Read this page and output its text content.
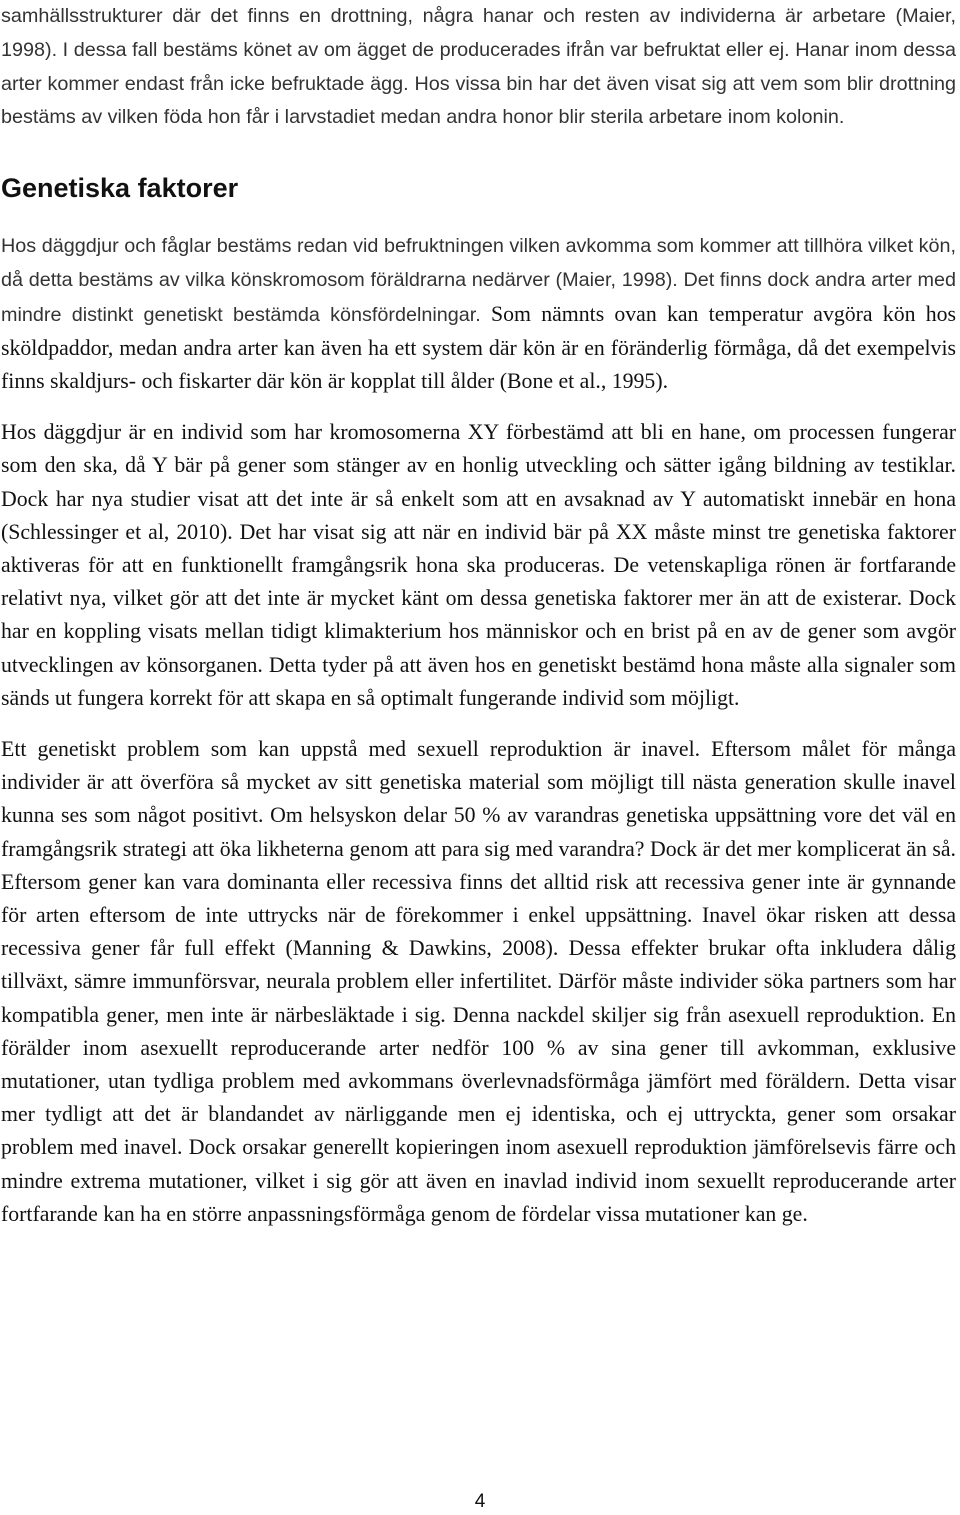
samhällsstrukturer där det finns en drottning, några hanar och resten av individerna är arbetare (Maier, 1998). I dessa fall bestäms könet av om ägget de producerades ifrån var befruktat eller ej. Hanar inom dessa arter kommer endast från icke befruktade ägg. Hos vissa bin har det även visat sig att vem som blir drottning bestäms av vilken föda hon får i larvstadiet medan andra honor blir sterila arbetare inom kolonin.

Genetiska faktorer

Hos däggdjur och fåglar bestäms redan vid befruktningen vilken avkomma som kommer att tillhöra vilket kön, då detta bestäms av vilka könskromosom föräldrarna nedärver (Maier, 1998). Det finns dock andra arter med mindre distinkt genetiskt bestämda könsfördelningar. Som nämnts ovan kan temperatur avgöra kön hos sköldpaddor, medan andra arter kan även ha ett system där kön är en föränderlig förmåga, då det exempelvis finns skaldjurs- och fiskarter där kön är kopplat till ålder (Bone et al., 1995).

Hos däggdjur är en individ som har kromosomerna XY förbestämd att bli en hane, om processen fungerar som den ska, då Y bär på gener som stänger av en honlig utveckling och sätter igång bildning av testiklar. Dock har nya studier visat att det inte är så enkelt som att en avsaknad av Y automatiskt innebär en hona (Schlessinger et al, 2010). Det har visat sig att när en individ bär på XX måste minst tre genetiska faktorer aktiveras för att en funktionellt framgångsrik hona ska produceras. De vetenskapliga rönen är fortfarande relativt nya, vilket gör att det inte är mycket känt om dessa genetiska faktorer mer än att de existerar. Dock har en koppling visats mellan tidigt klimakterium hos människor och en brist på en av de gener som avgör utvecklingen av könsorganen. Detta tyder på att även hos en genetiskt bestämd hona måste alla signaler som sänds ut fungera korrekt för att skapa en så optimalt fungerande individ som möjligt.

Ett genetiskt problem som kan uppstå med sexuell reproduktion är inavel. Eftersom målet för många individer är att överföra så mycket av sitt genetiska material som möjligt till nästa generation skulle inavel kunna ses som något positivt. Om helsyskon delar 50 % av varandras genetiska uppsättning vore det väl en framgångsrik strategi att öka likheterna genom att para sig med varandra? Dock är det mer komplicerat än så. Eftersom gener kan vara dominanta eller recessiva finns det alltid risk att recessiva gener inte är gynnande för arten eftersom de inte uttrycks när de förekommer i enkel uppsättning. Inavel ökar risken att dessa recessiva gener får full effekt (Manning & Dawkins, 2008). Dessa effekter brukar ofta inkludera dålig tillväxt, sämre immunförsvar, neurala problem eller infertilitet. Därför måste individer söka partners som har kompatibla gener, men inte är närbesläktade i sig. Denna nackdel skiljer sig från asexuell reproduktion. En förälder inom asexuellt reproducerande arter nedför 100 % av sina gener till avkomman, exklusive mutationer, utan tydliga problem med avkommans överlevnadsförmåga jämfört med föräldern. Detta visar mer tydligt att det är blandandet av närliggande men ej identiska, och ej uttryckta, gener som orsakar problem med inavel. Dock orsakar generellt kopieringen inom asexuell reproduktion jämförelsevis färre och mindre extrema mutationer, vilket i sig gör att även en inavlad individ inom sexuellt reproducerande arter fortfarande kan ha en större anpassningsförmåga genom de fördelar vissa mutationer kan ge.

4
